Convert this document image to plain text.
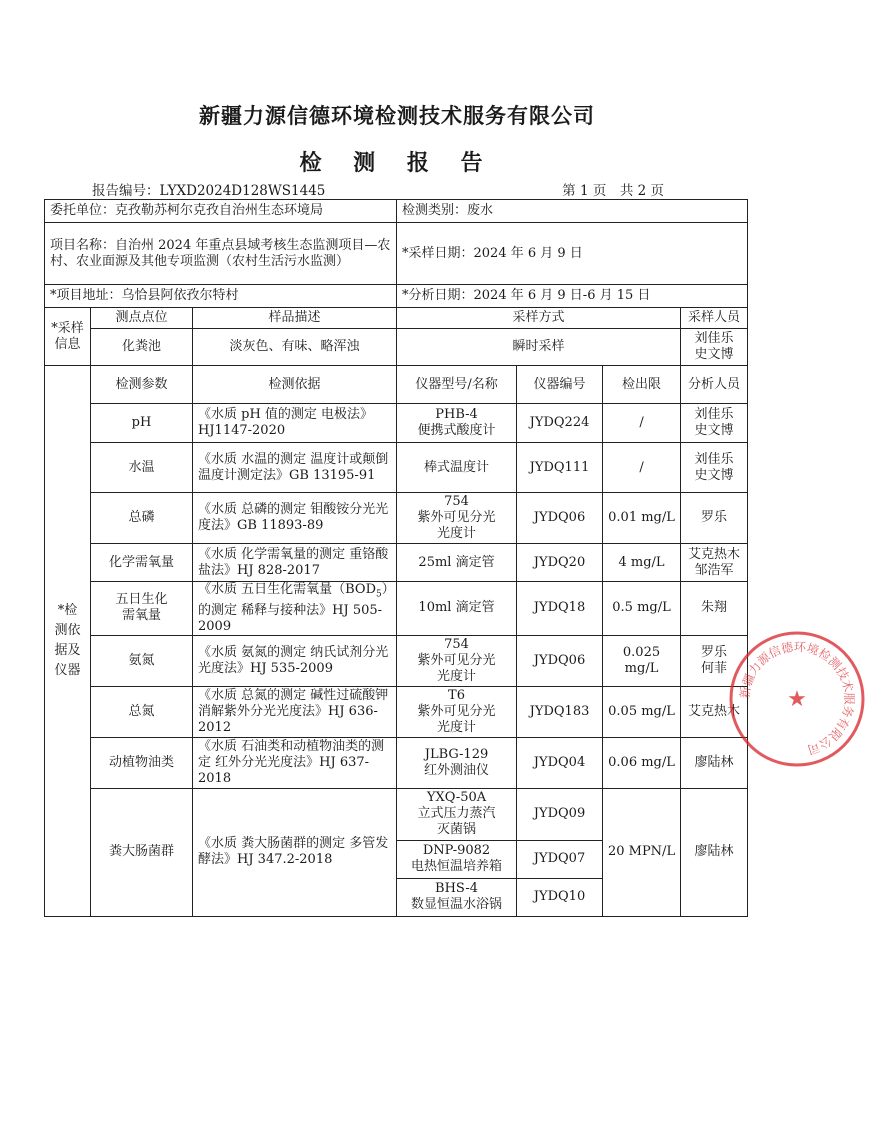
新疆力源信德环境检测技术服务有限公司
检 测 报 告
报告编号：LYXD2024D128WS1445	第 1 页　共 2 页
委托单位：克孜勒苏柯尔克孜自治州生态环境局			检测类别：废水			
项目名称：自治州 2024 年重点县域考核生态监测项目—农村、农业面源及其他专项监测（农村生活污水监测）			*采样日期：2024 年 6 月 9 日			
*项目地址：乌恰县阿依孜尔特村			*分析日期：2024 年 6 月 9 日-6 月 15 日			
*采样信息	测点点位	样品描述	采样方式			采样人员
	化粪池	淡灰色、有味、略浑浊	瞬时采样			刘佳乐
史文博

*检测依据及仪器	检测参数	检测依据	仪器型号/名称	仪器编号	检出限	分析人员
	pH	《水质 pH 值的测定 电极法》 HJ1147-2020	PHB-4
便携式酸度计	JYDQ224	/	刘佳乐
史文博
	水温	《水质 水温的测定 温度计或颠倒温度计测定法》GB 13195-91	棒式温度计	JYDQ111	/	刘佳乐
史文博
	总磷	《水质 总磷的测定 钼酸铵分光光度法》GB 11893-89	754
紫外可见分光
光度计	JYDQ06	0.01 mg/L	罗乐
	化学需氧量	《水质 化学需氧量的测定 重铬酸盐法》HJ 828-2017	25ml 滴定管	JYDQ20	4 mg/L	艾克热木
邹浩军
	五日生化
需氧量	《水质 五日生化需氧量$(BOD_5)$的测定 稀释与接种法》HJ 505-2009	10ml 滴定管	JYDQ18	0.5 mg/L	朱翔
	氨氮	《水质 氨氮的测定 纳氏试剂分光光度法》HJ 535-2009	754
紫外可见分光
光度计	JYDQ06	0.025 mg/L	罗乐
何菲
	总氮	《水质 总氮的测定 碱性过硫酸钾消解紫外分光光度法》HJ 636-2012	T6
紫外可见分光
光度计	JYDQ183	0.05 mg/L	艾克热木
	动植物油类	《水质 石油类和动植物油类的测定 红外分光光度法》HJ 637-2018	JLBG-129
红外测油仪	JYDQ04	0.06 mg/L	廖陆林
	粪大肠菌群	《水质 粪大肠菌群的测定 多管发酵法》HJ 347.2-2018	YXQ-50A
立式压力蒸汽
灭菌锅	JYDQ09	20 MPN/L	廖陆林
			DNP-9082
电热恒温培养箱	JYDQ07		
			BHS-4
数显恒温水浴锅	JYDQ10		
新疆力源信德环境检测技术服务有限公司
★
